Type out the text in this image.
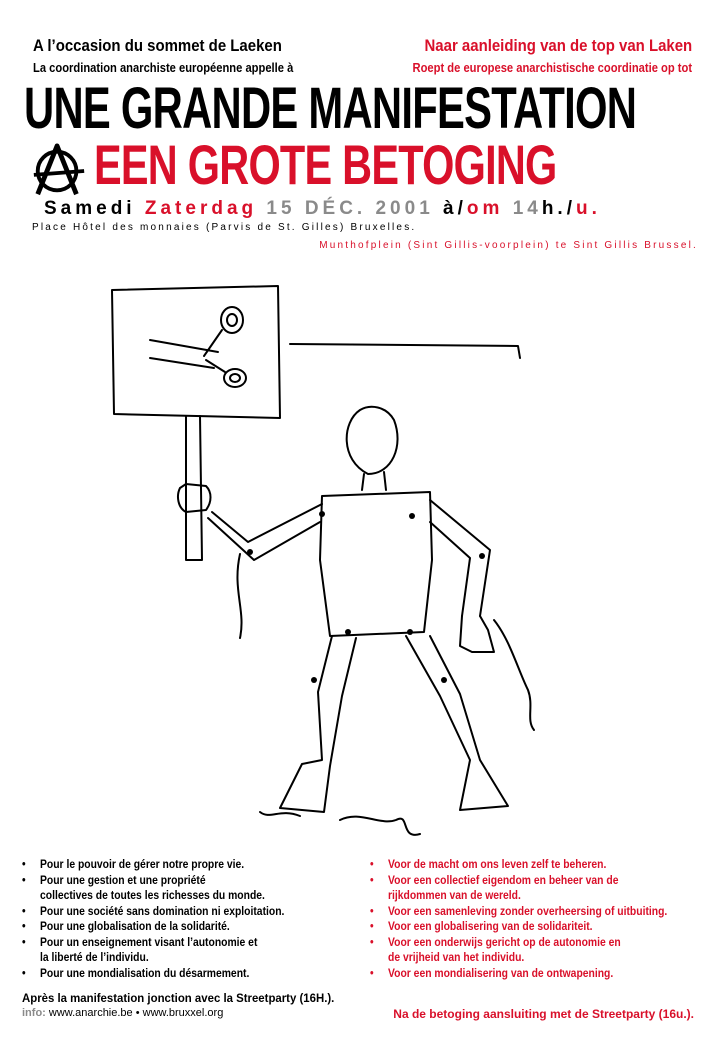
A l’occasion du sommet de Laeken
La coordination anarchiste européenne appelle à
Naar aanleiding van de top van Laken
Roept de europese anarchistische coordinatie op tot
UNE GRANDE MANIFESTATION
EEN GROTE BETOGING
Samedi Zaterdag 15 DÉC. 2001 à/om 14h./u.
Place Hôtel des monnaies (Parvis de St. Gilles) Bruxelles.
Munthofplein (Sint Gillis-voorplein) te Sint Gillis Brussel.
• Pour le pouvoir de gérer notre propre vie.
• Pour une gestion et une propriété
collectives de toutes les richesses du monde.
• Pour une société sans domination ni exploitation.
• Pour une globalisation de la solidarité.
• Pour un enseignement visant l’autonomie et
la liberté de l’individu.
• Pour une mondialisation du désarmement.
• Voor de macht om ons leven zelf te beheren.
• Voor een collectief eigendom en beheer van de
rijkdommen van de wereld.
• Voor een samenleving zonder overheersing of uitbuiting.
• Voor een globalisering van de solidariteit.
• Voor een onderwijs gericht op de autonomie en
de vrijheid van het individu.
• Voor een mondialisering van de ontwapening.
Après la manifestation jonction avec la Streetparty (16H.).
info: www.anarchie.be • www.bruxxel.org	Na de betoging aansluiting met de Streetparty (16u.).
